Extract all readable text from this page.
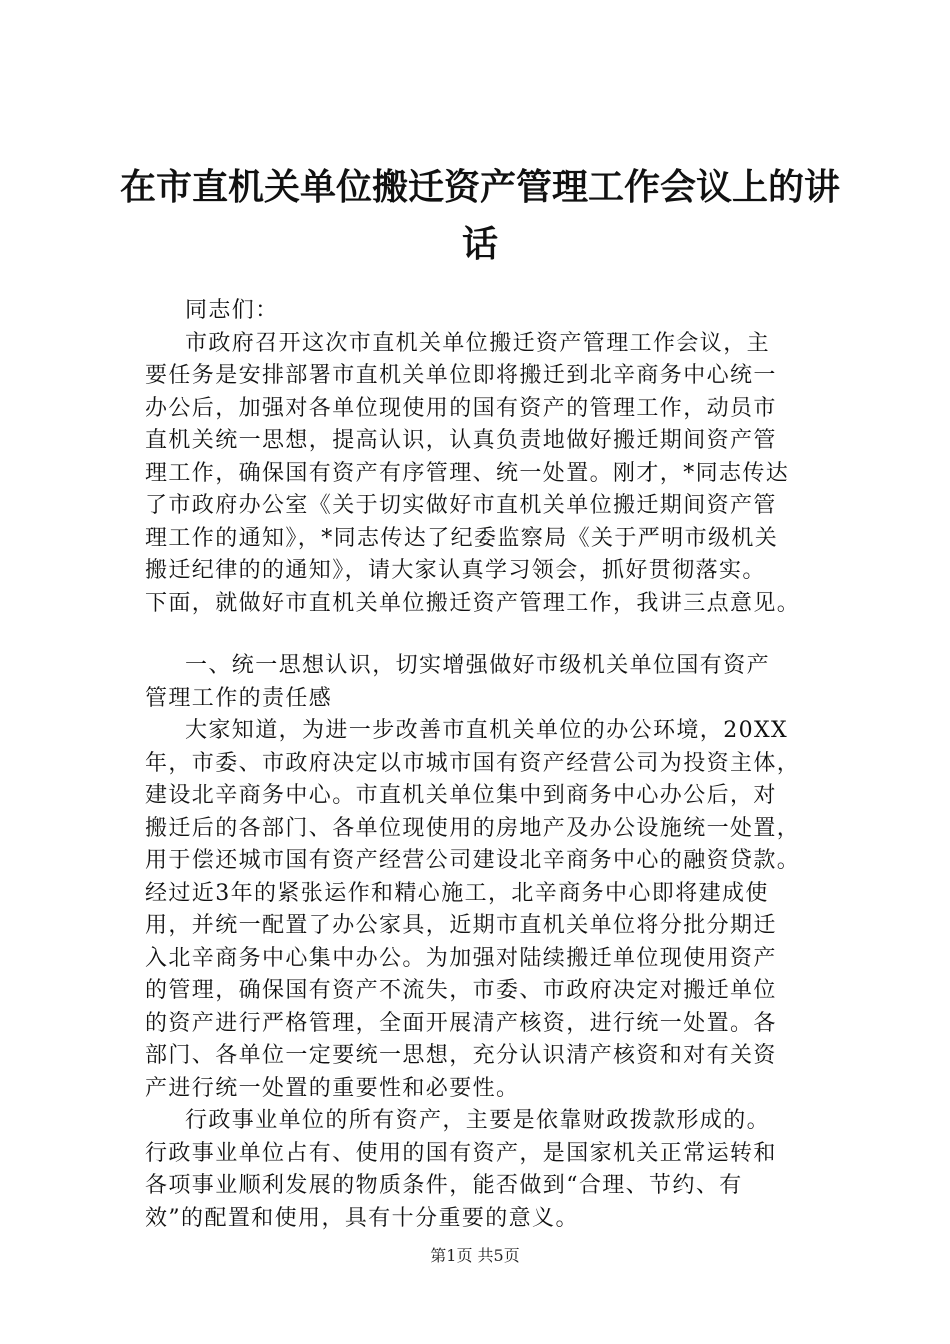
在市直机关单位搬迁资产管理工作会议上的讲
话
同志们：
市政府召开这次市直机关单位搬迁资产管理工作会议，主
要任务是安排部署市直机关单位即将搬迁到北辛商务中心统一
办公后，加强对各单位现使用的国有资产的管理工作，动员市
直机关统一思想，提高认识，认真负责地做好搬迁期间资产管
理工作，确保国有资产有序管理、统一处置。刚才，*同志传达
了市政府办公室《关于切实做好市直机关单位搬迁期间资产管
理工作的通知》，*同志传达了纪委监察局《关于严明市级机关
搬迁纪律的的通知》，请大家认真学习领会，抓好贯彻落实。
下面，就做好市直机关单位搬迁资产管理工作，我讲三点意见。
一、统一思想认识，切实增强做好市级机关单位国有资产
管理工作的责任感
大家知道，为进一步改善市直机关单位的办公环境，20XX
年，市委、市政府决定以市城市国有资产经营公司为投资主体，
建设北辛商务中心。市直机关单位集中到商务中心办公后，对
搬迁后的各部门、各单位现使用的房地产及办公设施统一处置，
用于偿还城市国有资产经营公司建设北辛商务中心的融资贷款。
经过近3年的紧张运作和精心施工，北辛商务中心即将建成使
用，并统一配置了办公家具，近期市直机关单位将分批分期迁
入北辛商务中心集中办公。为加强对陆续搬迁单位现使用资产
的管理，确保国有资产不流失，市委、市政府决定对搬迁单位
的资产进行严格管理，全面开展清产核资，进行统一处置。各
部门、各单位一定要统一思想，充分认识清产核资和对有关资
产进行统一处置的重要性和必要性。
行政事业单位的所有资产，主要是依靠财政拨款形成的。
行政事业单位占有、使用的国有资产，是国家机关正常运转和
各项事业顺利发展的物质条件，能否做到“合理、节约、有
效”的配置和使用，具有十分重要的意义。
第1页 共5页
